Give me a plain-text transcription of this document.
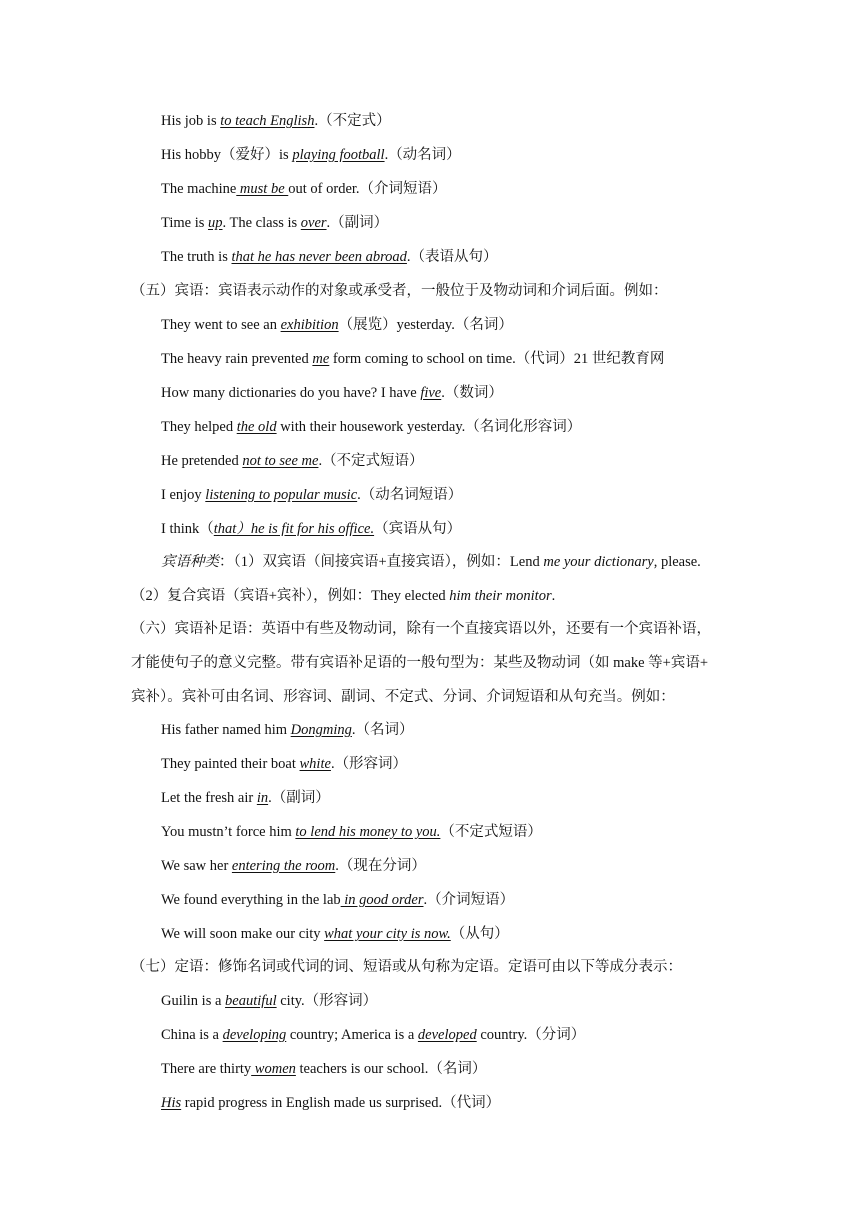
His job is to teach English.（不定式）
His hobby（爱好）is playing football.（动名词）
The machine must be out of order.（介词短语）
Time is up. The class is over.（副词）
The truth is that he has never been abroad.（表语从句）
（五）宾语：宾语表示动作的对象或承受者，一般位于及物动词和介词后面。例如：
They went to see an exhibition（展览）yesterday.（名词）
The heavy rain prevented me form coming to school on time.（代词）21 世纪教育网
How many dictionaries do you have? I have five.（数词）
They helped the old with their housework yesterday.（名词化形容词）
He pretended not to see me.（不定式短语）
I enjoy listening to popular music.（动名词短语）
I think（that）he is fit for his office.（宾语从句）
宾语种类：（1）双宾语（间接宾语+直接宾语），例如：Lend me your dictionary, please.
（2）复合宾语（宾语+宾补），例如：They elected him their monitor.
（六）宾语补足语：英语中有些及物动词，除有一个直接宾语以外，还要有一个宾语补语，
才能使句子的意义完整。带有宾语补足语的一般句型为：某些及物动词（如 make 等+宾语+
宾补）。宾补可由名词、形容词、副词、不定式、分词、介词短语和从句充当。例如：
His father named him Dongming.（名词）
They painted their boat white.（形容词）
Let the fresh air in.（副词）
You mustn’t force him to lend his money to you.（不定式短语）
We saw her entering the room.（现在分词）
We found everything in the lab in good order.（介词短语）
We will soon make our city what your city is now.（从句）
（七）定语：修饰名词或代词的词、短语或从句称为定语。定语可由以下等成分表示：
Guilin is a beautiful city.（形容词）
China is a developing country; America is a developed country.（分词）
There are thirty women teachers is our school.（名词）
His rapid progress in English made us surprised.（代词）
